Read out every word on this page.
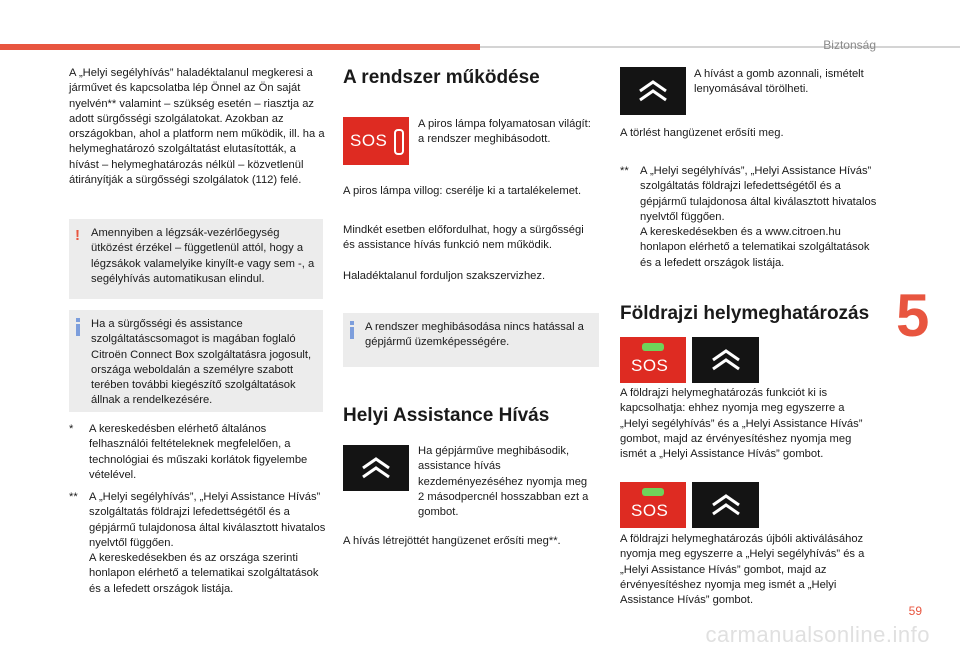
Biztonság
5
59
carmanualsonline.info

A „Helyi segélyhívás” haladéktalanul megkeresi a járművet és kapcsolatba lép Önnel az Ön saját nyelvén** valamint – szükség esetén – riasztja az adott sürgősségi szolgálatokat. Azokban az országokban, ahol a platform nem működik, ill. ha a helymeghatározó szolgáltatást elutasították, a hívást – helymeghatározás nélkül – közvetlenül átirányítják a sürgősségi szolgálatok (112) felé.

! Amennyiben a légzsák-vezérlőegység ütközést érzékel – függetlenül attól, hogy a légzsákok valamelyike kinyílt-e vagy sem -, a segélyhívás automatikusan elindul.

Ha a sürgősségi és assistance szolgáltatáscsomagot is magában foglaló Citroën Connect Box szolgáltatásra jogosult, országa weboldalán a személyre szabott terében további kiegészítő szolgáltatások állnak a rendelkezésére.

* A kereskedésben elérhető általános felhasználói feltételeknek megfelelően, a technológiai és műszaki korlátok figyelembe vételével.

** A „Helyi segélyhívás”, „Helyi Assistance Hívás” szolgáltatás földrajzi lefedettségétől és a gépjármű tulajdonosa által kiválasztott hivatalos nyelvtől függően.

A kereskedésekben és az országa szerinti honlapon elérhető a telematikai szolgáltatások és a lefedett országok listája.

A rendszer működése
SOS

A piros lámpa folyamatosan világít: a rendszer meghibásodott.

A piros lámpa villog: cserélje ki a tartalékelemet.

Mindkét esetben előfordulhat, hogy a sürgősségi és assistance hívás funkció nem működik.

Haladéktalanul forduljon szakszervizhez.

A rendszer meghibásodása nincs hatással a gépjármű üzemképességére.

Helyi Assistance Hívás

Ha gépjárműve meghibásodik, assistance hívás kezdeményezéséhez nyomja meg 2 másodpercnél hosszabban ezt a gombot.

A hívás létrejöttét hangüzenet erősíti meg**.

A hívást a gomb azonnali, ismételt lenyomásával törölheti.

A törlést hangüzenet erősíti meg.

** A „Helyi segélyhívás”, „Helyi Assistance Hívás” szolgáltatás földrajzi lefedettségétől és a gépjármű tulajdonosa által kiválasztott hivatalos nyelvtől függően.

A kereskedésekben és a www.citroen.hu honlapon elérhető a telematikai szolgáltatások és a lefedett országok listája.

Földrajzi helymeghatározás
SOS

A földrajzi helymeghatározás funkciót ki is kapcsolhatja: ehhez nyomja meg egyszerre a „Helyi segélyhívás” és a „Helyi Assistance Hívás” gombot, majd az érvényesítéshez nyomja meg ismét a „Helyi Assistance Hívás” gombot.

SOS

A földrajzi helymeghatározás újbóli aktiválásához nyomja meg egyszerre a „Helyi segélyhívás” és a „Helyi Assistance Hívás” gombot, majd az érvényesítéshez nyomja meg ismét a „Helyi Assistance Hívás” gombot.
